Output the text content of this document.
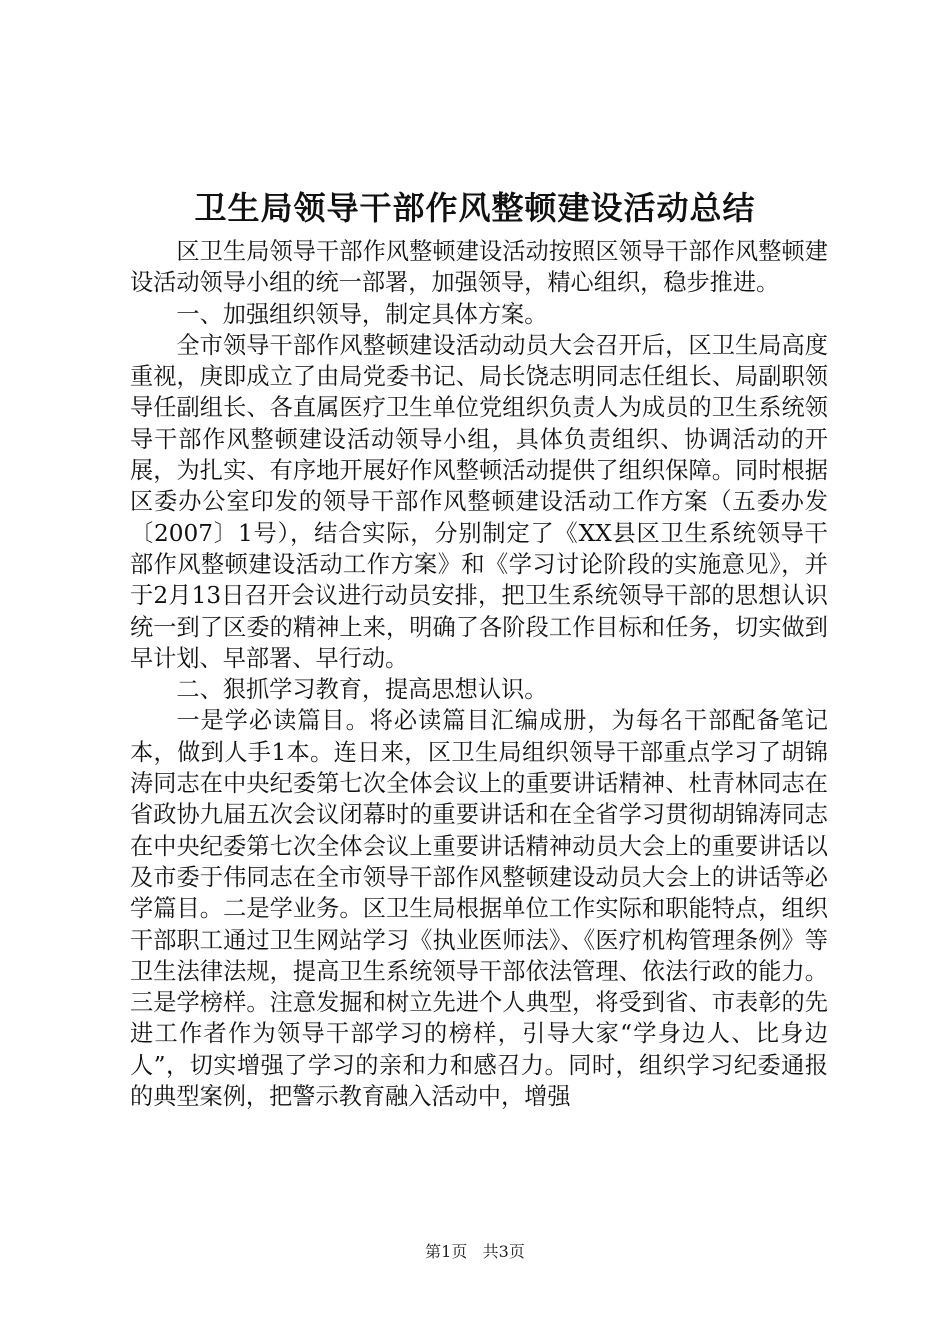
卫生局领导干部作风整顿建设活动总结

区卫生局领导干部作风整顿建设活动按照区领导干部作风整顿建设活动领导小组的统一部署，加强领导，精心组织，稳步推进。

一、加强组织领导，制定具体方案。

全市领导干部作风整顿建设活动动员大会召开后，区卫生局高度重视，庚即成立了由局党委书记、局长饶志明同志任组长、局副职领导任副组长、各直属医疗卫生单位党组织负责人为成员的卫生系统领导干部作风整顿建设活动领导小组，具体负责组织、协调活动的开展，为扎实、有序地开展好作风整顿活动提供了组织保障。同时根据区委办公室印发的领导干部作风整顿建设活动工作方案（五委办发〔2007〕1号），结合实际，分别制定了《XX县区卫生系统领导干部作风整顿建设活动工作方案》和《学习讨论阶段的实施意见》，并于2月13日召开会议进行动员安排，把卫生系统领导干部的思想认识统一到了区委的精神上来，明确了各阶段工作目标和任务，切实做到早计划、早部署、早行动。

二、狠抓学习教育，提高思想认识。

一是学必读篇目。将必读篇目汇编成册，为每名干部配备笔记本，做到人手1本。连日来，区卫生局组织领导干部重点学习了胡锦涛同志在中央纪委第七次全体会议上的重要讲话精神、杜青林同志在省政协九届五次会议闭幕时的重要讲话和在全省学习贯彻胡锦涛同志在中央纪委第七次全体会议上重要讲话精神动员大会上的重要讲话以及市委于伟同志在全市领导干部作风整顿建设动员大会上的讲话等必学篇目。二是学业务。区卫生局根据单位工作实际和职能特点，组织干部职工通过卫生网站学习《执业医师法》、《医疗机构管理条例》等卫生法律法规，提高卫生系统领导干部依法管理、依法行政的能力。三是学榜样。注意发掘和树立先进个人典型，将受到省、市表彰的先进工作者作为领导干部学习的榜样，引导大家“学身边人、比身边人”，切实增强了学习的亲和力和感召力。同时，组织学习纪委通报的典型案例，把警示教育融入活动中，增强

第1页 共3页
